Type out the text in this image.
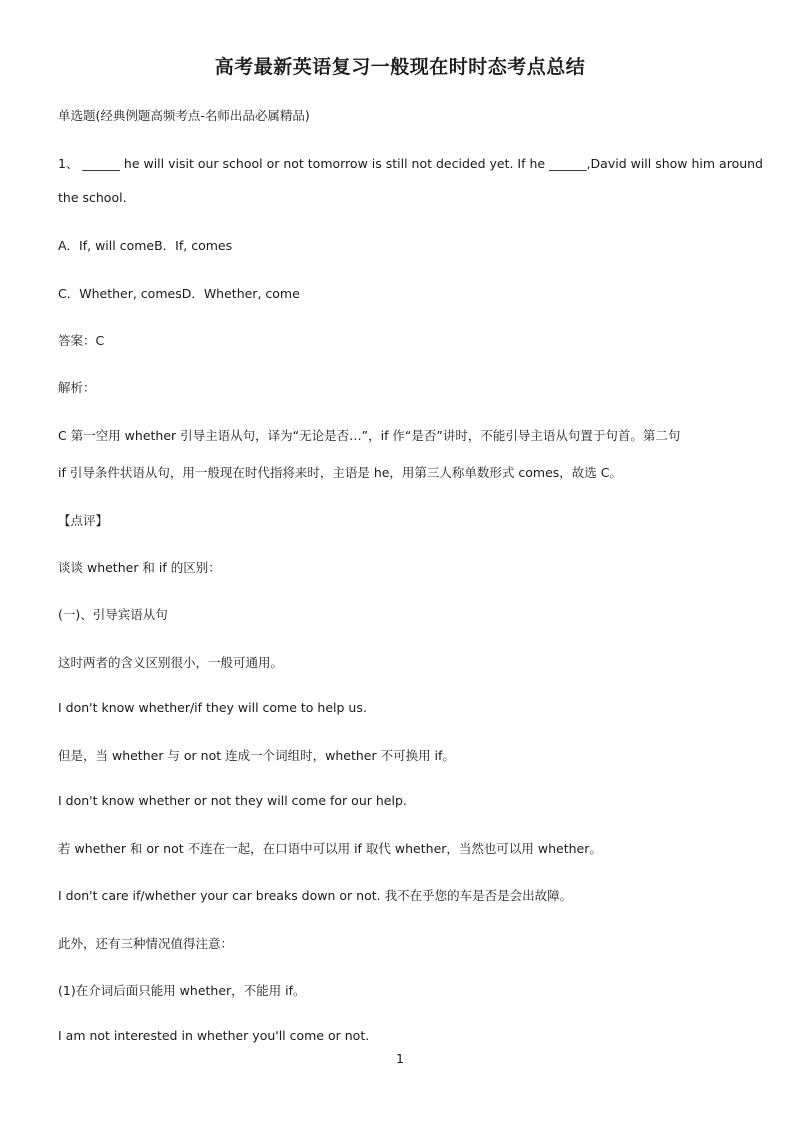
高考最新英语复习一般现在时时态考点总结
单选题(经典例题高频考点-名师出品必属精品)
1、 ______ he will visit our school or not tomorrow is still not decided yet. If he ______,David will show him around
the school.
A．If, will comeB．If, comes
C．Whether, comesD．Whether, come
答案：C
解析：
C 第一空用 whether 引导主语从句，译为“无论是否…”，if 作“是否”讲时，不能引导主语从句置于句首。第二句
if 引导条件状语从句，用一般现在时代指将来时，主语是 he，用第三人称单数形式 comes，故选 C。
【点评】
谈谈 whether 和 if 的区别：
(一)、引导宾语从句
这时两者的含义区别很小，一般可通用。
I don't know whether/if they will come to help us.
但是，当 whether 与 or not 连成一个词组时，whether 不可换用 if。
I don't know whether or not they will come for our help.
若 whether 和 or not 不连在一起，在口语中可以用 if 取代 whether，当然也可以用 whether。
I don't care if/whether your car breaks down or not. 我不在乎您的车是否是会出故障。
此外，还有三种情况值得注意：
(1)在介词后面只能用 whether，不能用 if。
I am not interested in whether you'll come or not.
1
